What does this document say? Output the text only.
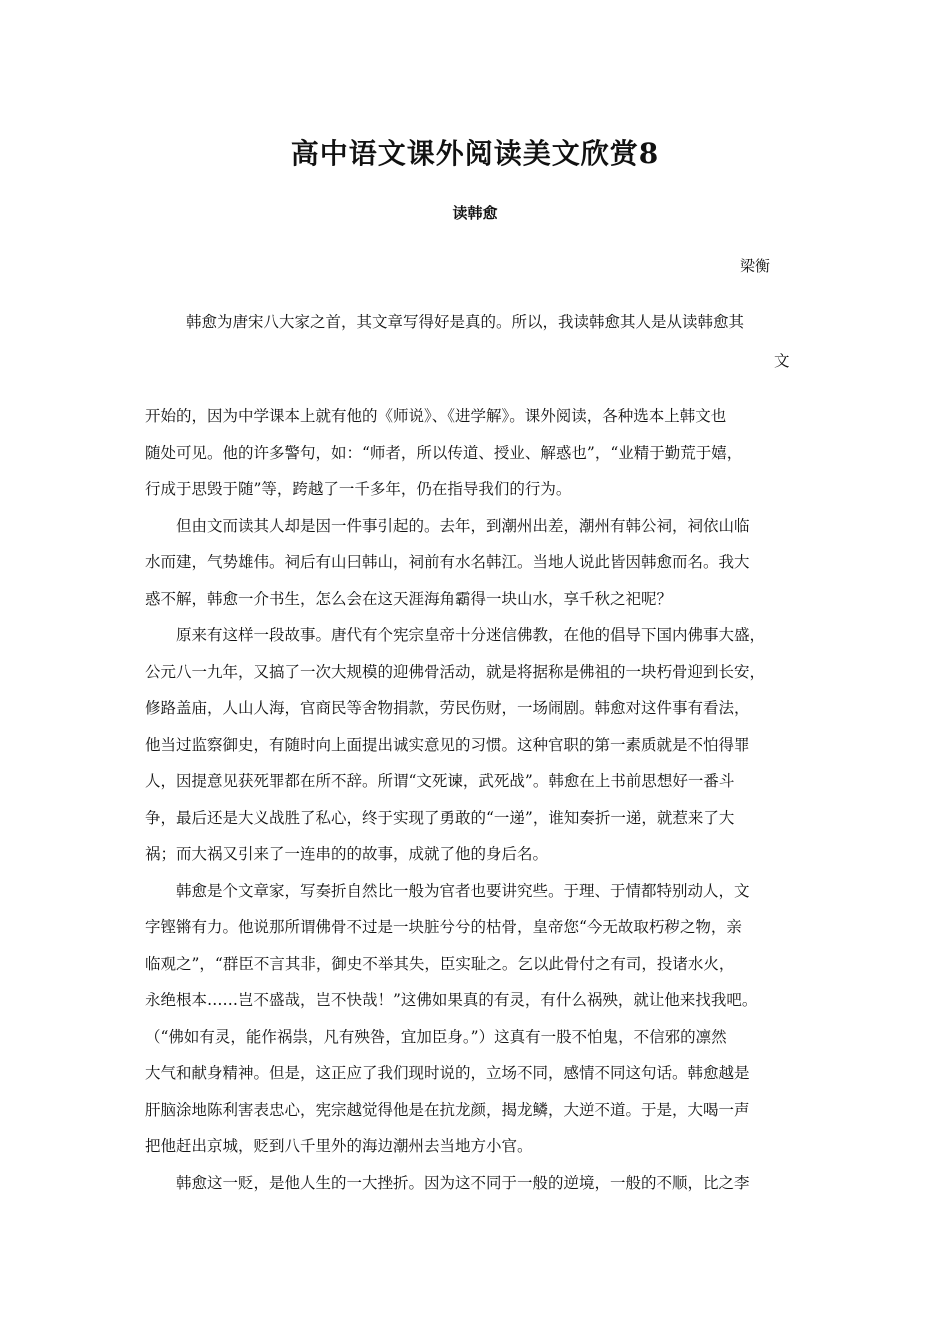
高中语文课外阅读美文欣赏8
读韩愈
梁衡
韩愈为唐宋八大家之首，其文章写得好是真的。所以，我读韩愈其人是从读韩愈其
文

开始的，因为中学课本上就有他的《师说》、《进学解》。课外阅读，各种选本上韩文也
随处可见。他的许多警句，如：“师者，所以传道、授业、解惑也”，“业精于勤荒于嬉，
行成于思毁于随”等，跨越了一千多年，仍在指导我们的行为。

但由文而读其人却是因一件事引起的。去年，到潮州出差，潮州有韩公祠，祠依山临
水而建，气势雄伟。祠后有山曰韩山，祠前有水名韩江。当地人说此皆因韩愈而名。我大
惑不解，韩愈一介书生，怎么会在这天涯海角霸得一块山水，享千秋之祀呢？

原来有这样一段故事。唐代有个宪宗皇帝十分迷信佛教，在他的倡导下国内佛事大盛，
公元八一九年，又搞了一次大规模的迎佛骨活动，就是将据称是佛祖的一块朽骨迎到长安，
修路盖庙，人山人海，官商民等舍物捐款，劳民伤财，一场闹剧。韩愈对这件事有看法，
他当过监察御史，有随时向上面提出诚实意见的习惯。这种官职的第一素质就是不怕得罪
人，因提意见获死罪都在所不辞。所谓“文死谏，武死战”。韩愈在上书前思想好一番斗
争，最后还是大义战胜了私心，终于实现了勇敢的“一递”，谁知奏折一递，就惹来了大
祸；而大祸又引来了一连串的的故事，成就了他的身后名。

韩愈是个文章家，写奏折自然比一般为官者也要讲究些。于理、于情都特别动人，文
字铿锵有力。他说那所谓佛骨不过是一块脏兮兮的枯骨，皇帝您“今无故取朽秽之物，亲
临观之”，“群臣不言其非，御史不举其失，臣实耻之。乞以此骨付之有司，投诸水火，
永绝根本……岂不盛哉，岂不快哉！”这佛如果真的有灵，有什么祸殃，就让他来找我吧。
（“佛如有灵，能作祸祟，凡有殃咎，宜加臣身。”）这真有一股不怕鬼，不信邪的凛然
大气和献身精神。但是，这正应了我们现时说的，立场不同，感情不同这句话。韩愈越是
肝脑涂地陈利害表忠心，宪宗越觉得他是在抗龙颜，揭龙鳞，大逆不道。于是，大喝一声
把他赶出京城，贬到八千里外的海边潮州去当地方小官。

韩愈这一贬，是他人生的一大挫折。因为这不同于一般的逆境，一般的不顺，比之李
